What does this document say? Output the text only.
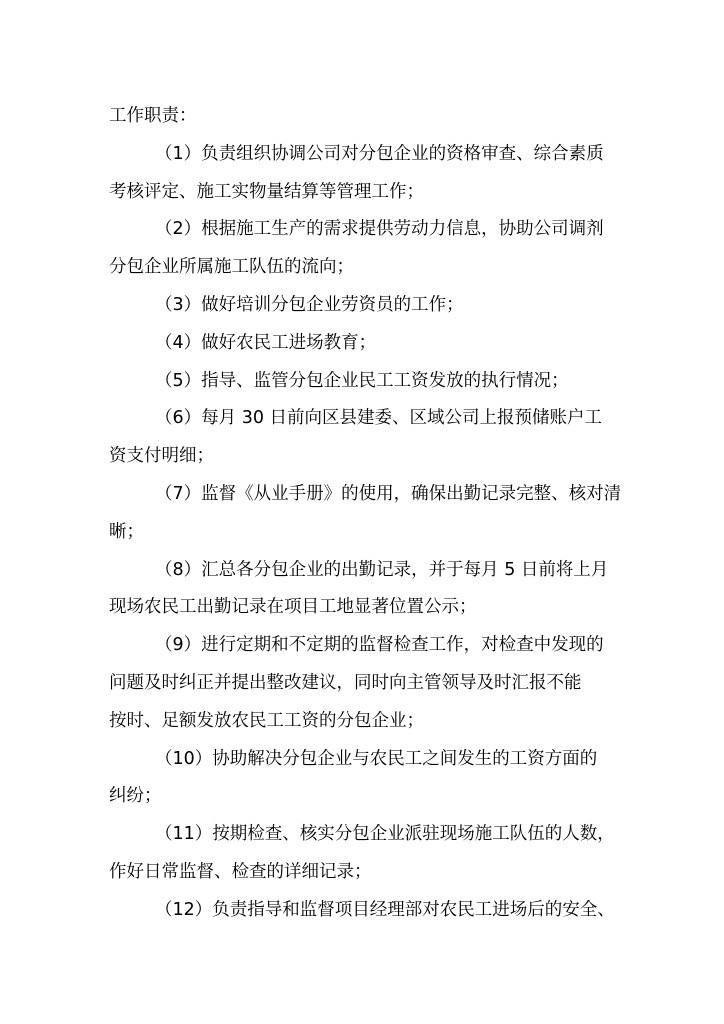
工作职责：
（1）负责组织协调公司对分包企业的资格审查、综合素质
考核评定、施工实物量结算等管理工作；
（2）根据施工生产的需求提供劳动力信息，协助公司调剂
分包企业所属施工队伍的流向；
（3）做好培训分包企业劳资员的工作；
（4）做好农民工进场教育；
（5）指导、监管分包企业民工工资发放的执行情况；
（6）每月 30 日前向区县建委、区域公司上报预储账户工
资支付明细；
（7）监督《从业手册》的使用，确保出勤记录完整、核对清
晰；
（8）汇总各分包企业的出勤记录，并于每月 5 日前将上月
现场农民工出勤记录在项目工地显著位置公示；
（9）进行定期和不定期的监督检查工作，对检查中发现的
问题及时纠正并提出整改建议，同时向主管领导及时汇报不能
按时、足额发放农民工工资的分包企业；
（10）协助解决分包企业与农民工之间发生的工资方面的
纠纷；
（11）按期检查、核实分包企业派驻现场施工队伍的人数，
作好日常监督、检查的详细记录；
（12）负责指导和监督项目经理部对农民工进场后的安全、
